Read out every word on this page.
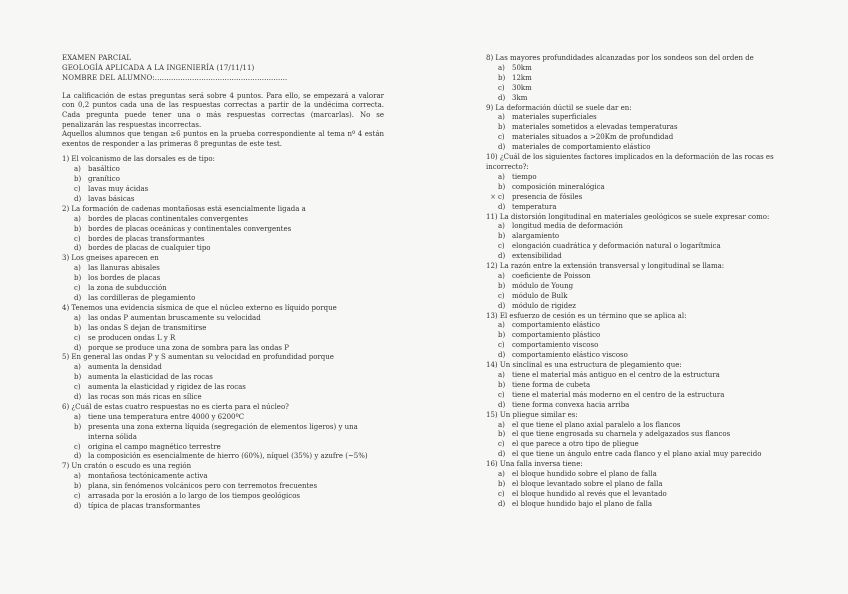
EXAMEN PARCIAL
GEOLOGÍA APLICADA A LA INGENIERÍA (17/11/11)
NOMBRE DEL ALUMNO:.........................................................
La calificación de estas preguntas será sobre 4 puntos. Para ello, se empezará a valorar con 0,2 puntos cada una de las respuestas correctas a partir de la undécima correcta. Cada pregunta puede tener una o más respuestas correctas (marcarlas). No se penalizarán las respuestas incorrectas.
Aquellos alumnos que tengan ≥6 puntos en la prueba correspondiente al tema nº 4 están exentos de responder a las primeras 8 preguntas de este test.
1) El volcanismo de las dorsales es de tipo:
a)	basáltico
b) granítico
c)	lavas muy ácidas
d) lavas básicas
2) La formación de cadenas montañosas está esencialmente ligada a
a)	bordes de placas continentales convergentes
b) bordes de placas oceánicas y continentales convergentes
c)	bordes de placas transformantes
d) bordes de placas de cualquier tipo
3) Los gneises aparecen en
a)	las llanuras abisales
b) los bordes de placas
c)	la zona de subducción
d) las cordilleras de plegamiento
4) Tenemos una evidencia sísmica de que el núcleo externo es líquido porque
a)	las ondas P aumentan bruscamente su velocidad
b) las ondas S dejan de transmitirse
c)	se producen ondas L y R
d) porque se produce una zona de sombra para las ondas P
5) En general las ondas P y S aumentan su velocidad en profundidad porque
a)	aumenta la densidad
b) aumenta la elasticidad de las rocas
c)	aumenta la elasticidad y rigidez de las rocas
d) las rocas son más ricas en sílice
6) ¿Cuál de estas cuatro respuestas no es cierta para el núcleo?
a)	tiene una temperatura entre 4000 y 6200ºC
b) presenta una zona externa líquida (segregación de elementos ligeros) y una
interna sólida
c)	origina el campo magnético terrestre
d) la composición es esencialmente de hierro (60%), níquel (35%) y azufre (~5%)
7) Un cratón o escudo es una región
a)	montañosa tectónicamente activa
b) plana, sin fenómenos volcánicos pero con terremotos frecuentes
c)	arrasada por la erosión a lo largo de los tiempos geológicos
d) típica de placas transformantes
8) Las mayores profundidades alcanzadas por los sondeos son del orden de
a)	50km
b) 12km
c)	30km
d) 3km
9) La deformación dúctil se suele dar en:
a)	materiales superficiales
b) materiales sometidos a elevadas temperaturas
c)	materiales situados a >20Km de profundidad
d) materiales de comportamiento elástico
10) ¿Cuál de los siguientes factores implicados en la deformación de las rocas es incorrecto?:
a)	tiempo
b) composición mineralógica
× c)	presencia de fósiles
d) temperatura
11) La distorsión longitudinal en materiales geológicos se suele expresar como:
a)	longitud media de deformación
b) alargamiento
c)	elongación cuadrática y deformación natural o logarítmica
d) extensibilidad
12) La razón entre la extensión transversal y longitudinal se llama:
a)	coeficiente de Poisson
b) módulo de Young
c)	módulo de Bulk
d) módulo de rigidez
13) El esfuerzo de cesión es un término que se aplica al:
a)	comportamiento elástico
b) comportamiento plástico
c)	comportamiento viscoso
d) comportamiento elástico viscoso
14) Un sinclinal es una estructura de plegamiento que:
a)	tiene el material más antiguo en el centro de la estructura
b) tiene forma de cubeta
c)	tiene el material más moderno en el centro de la estructura
d) tiene forma convexa hacia arriba
15) Un pliegue similar es:
a)	el que tiene el plano axial paralelo a los flancos
b) el que tiene engrosada su charnela y adelgazados sus flancos
c)	el que parece a otro tipo de pliegue
d) el que tiene un ángulo entre cada flanco y el plano axial muy parecido
16) Una falla inversa tiene:
a)	el bloque hundido sobre el plano de falla
b) el bloque levantado sobre el plano de falla
c)	el bloque hundido al revés que el levantado
d) el bloque hundido bajo el plano de falla
